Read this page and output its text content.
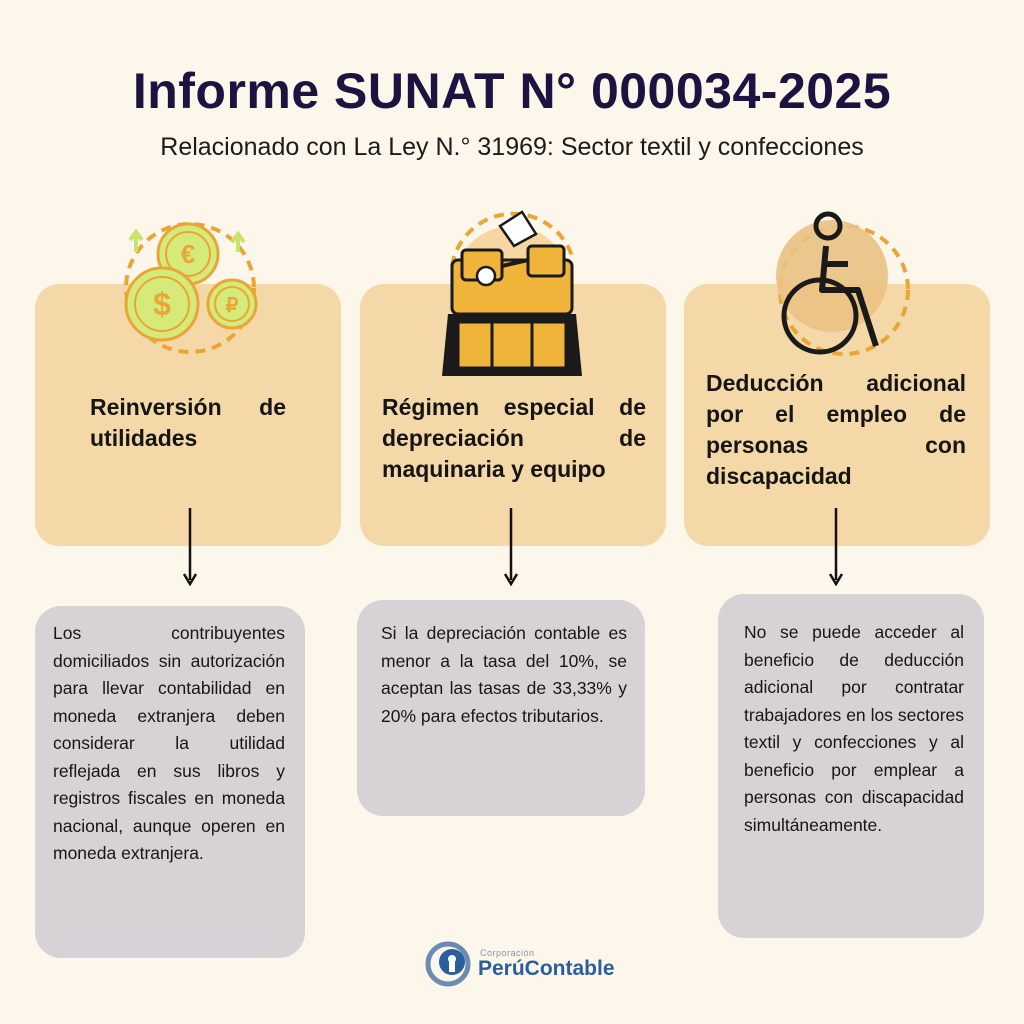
Informe SUNAT N° 000034-2025

Relacionado con La Ley N.° 31969: Sector textil y confecciones

€
$	₽

Reinversión de utilidades

Los contribuyentes domiciliados sin autorización para llevar contabilidad en moneda extranjera deben considerar la utilidad reflejada en sus libros y registros fiscales en moneda nacional, aunque operen en moneda extranjera.

Régimen especial de depreciación de maquinaria y equipo

Si la depreciación contable es menor a la tasa del 10%, se aceptan las tasas de 33,33% y 20% para efectos tributarios.

Deducción adicional por el empleo de personas con discapacidad

No se puede acceder al beneficio de deducción adicional por contratar trabajadores en los sectores textil y confecciones y al beneficio por emplear a personas con discapacidad simultáneamente.

Corporación
PerúContable
